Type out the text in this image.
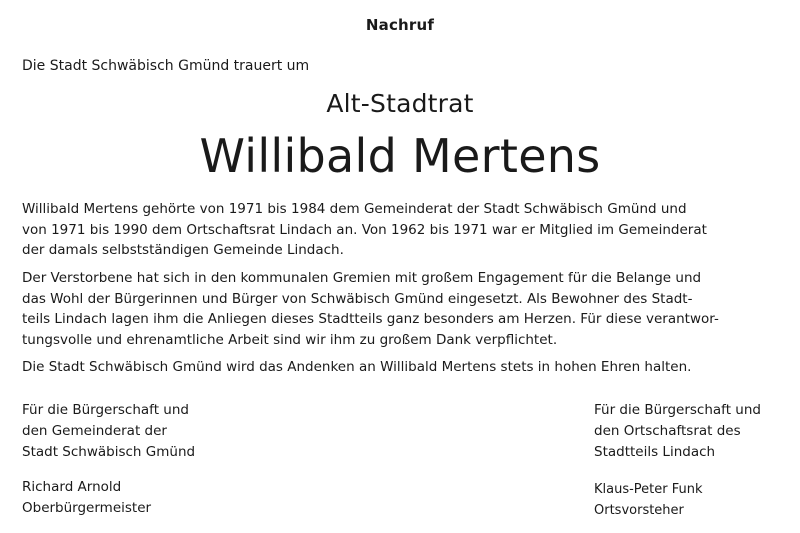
Nachruf
Die Stadt Schwäbisch Gmünd trauert um
Alt-Stadtrat
Willibald Mertens
Willibald Mertens gehörte von 1971 bis 1984 dem Gemeinderat der Stadt Schwäbisch Gmünd und
von 1971 bis 1990 dem Ortschaftsrat Lindach an. Von 1962 bis 1971 war er Mitglied im Gemeinderat
der damals selbstständigen Gemeinde Lindach.
Der Verstorbene hat sich in den kommunalen Gremien mit großem Engagement für die Belange und
das Wohl der Bürgerinnen und Bürger von Schwäbisch Gmünd eingesetzt. Als Bewohner des Stadt-
teils Lindach lagen ihm die Anliegen dieses Stadtteils ganz besonders am Herzen. Für diese verantwor-
tungsvolle und ehrenamtliche Arbeit sind wir ihm zu großem Dank verpflichtet.
Die Stadt Schwäbisch Gmünd wird das Andenken an Willibald Mertens stets in hohen Ehren halten.
Für die Bürgerschaft und
den Gemeinderat der
Stadt Schwäbisch Gmünd
Für die Bürgerschaft und
den Ortschaftsrat des
Stadtteils Lindach
Richard Arnold
Oberbürgermeister
Klaus-Peter Funk
Ortsvorsteher
